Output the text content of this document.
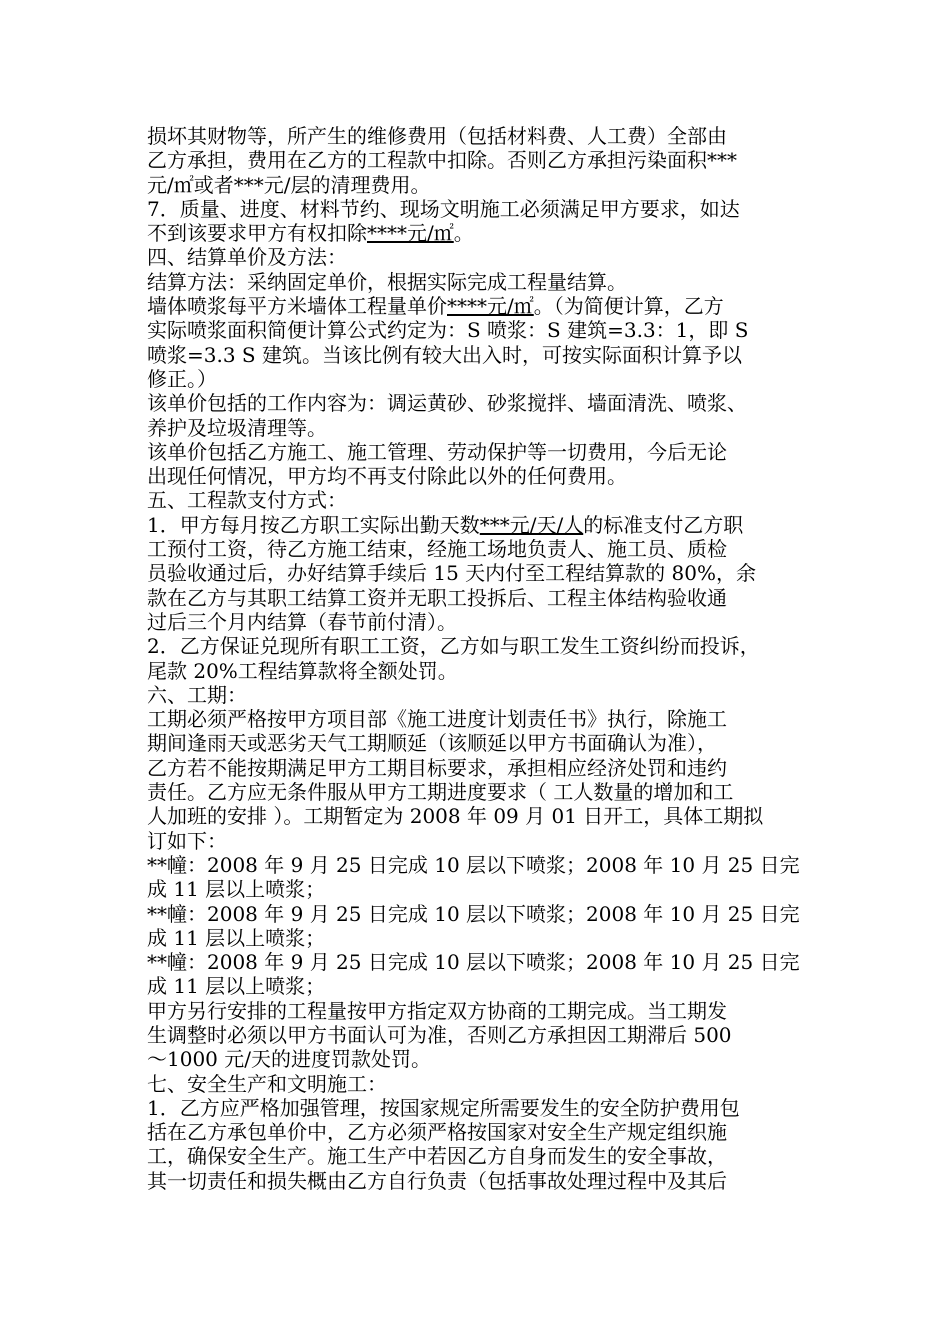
损坏其财物等，所产生的维修费用（包括材料费、人工费）全部由
乙方承担，费用在乙方的工程款中扣除。否则乙方承担污染面积***
元/㎡或者***元/层的清理费用。
7．质量、进度、材料节约、现场文明施工必须满足甲方要求，如达
不到该要求甲方有权扣除****元/㎡。
四、结算单价及方法：
结算方法：采纳固定单价，根据实际完成工程量结算。
墙体喷浆每平方米墙体工程量单价****元/㎡。（为简便计算，乙方
实际喷浆面积简便计算公式约定为：S 喷浆：S 建筑=3.3：1，即 S
喷浆=3.3 S 建筑。当该比例有较大出入时，可按实际面积计算予以
修正。）
该单价包括的工作内容为：调运黄砂、砂浆搅拌、墙面清洗、喷浆、
养护及垃圾清理等。
该单价包括乙方施工、施工管理、劳动保护等一切费用，今后无论
出现任何情况，甲方均不再支付除此以外的任何费用。
五、工程款支付方式：
1．甲方每月按乙方职工实际出勤天数***元/天/人的标准支付乙方职
工预付工资，待乙方施工结束，经施工场地负责人、施工员、质检
员验收通过后，办好结算手续后 15 天内付至工程结算款的 80%，余
款在乙方与其职工结算工资并无职工投拆后、工程主体结构验收通
过后三个月内结算（春节前付清）。
2．乙方保证兑现所有职工工资，乙方如与职工发生工资纠纷而投诉，
尾款 20%工程结算款将全额处罚。
六、工期：
工期必须严格按甲方项目部《施工进度计划责任书》执行，除施工
期间逢雨天或恶劣天气工期顺延（该顺延以甲方书面确认为准），
乙方若不能按期满足甲方工期目标要求，承担相应经济处罚和违约
责任。乙方应无条件服从甲方工期进度要求（ 工人数量的增加和工
人加班的安排 ）。工期暂定为 2008 年 09 月 01 日开工，具体工期拟
订如下：
**幢：2008 年 9 月 25 日完成 10 层以下喷浆；2008 年 10 月 25 日完
成 11 层以上喷浆；
**幢：2008 年 9 月 25 日完成 10 层以下喷浆；2008 年 10 月 25 日完
成 11 层以上喷浆；
**幢：2008 年 9 月 25 日完成 10 层以下喷浆；2008 年 10 月 25 日完
成 11 层以上喷浆；
甲方另行安排的工程量按甲方指定双方协商的工期完成。当工期发
生调整时必须以甲方书面认可为准，否则乙方承担因工期滞后 500
～1000 元/天的进度罚款处罚。
七、安全生产和文明施工：
1．乙方应严格加强管理，按国家规定所需要发生的安全防护费用包
括在乙方承包单价中，乙方必须严格按国家对安全生产规定组织施
工，确保安全生产。施工生产中若因乙方自身而发生的安全事故，
其一切责任和损失概由乙方自行负责（包括事故处理过程中及其后
